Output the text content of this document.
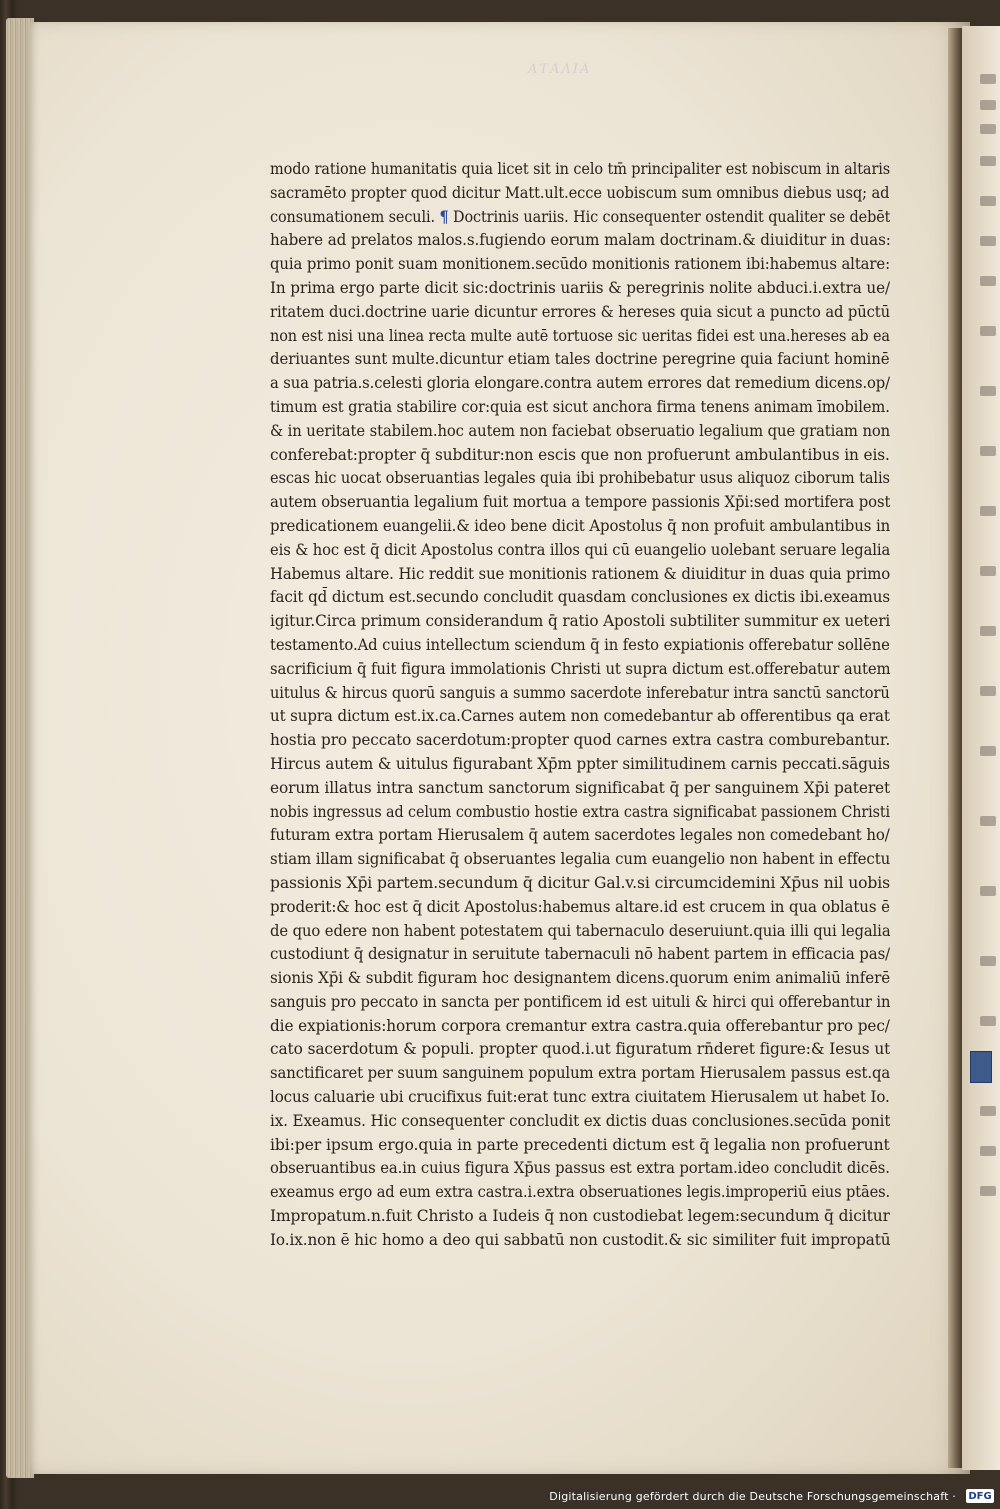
ΑΤΑΛΙΑ
modo ratione humanitatis quia licet sit in celo tm̄ principaliter est nobiscum in altaris
sacramēto propter quod dicitur Matt.ult.ecce uobiscum sum omnibus diebus usq; ad
consumationem seculi. ¶ Doctrinis uariis. Hic consequenter ostendit qualiter se debēt
habere ad prelatos malos.s.fugiendo eorum malam doctrinam.& diuiditur in duas:
quia primo ponit suam monitionem.secūdo monitionis rationem ibi:habemus altare:
In prima ergo parte dicit sic:doctrinis uariis & peregrinis nolite abduci.i.extra ue/
ritatem duci.doctrine uarie dicuntur errores & hereses quia sicut a puncto ad pūctū
non est nisi una linea recta multe autē tortuose sic ueritas fidei est una.hereses ab ea
deriuantes sunt multe.dicuntur etiam tales doctrine peregrine quia faciunt hominē
a sua patria.s.celesti gloria elongare.contra autem errores dat remedium dicens.op/
timum est gratia stabilire cor:quia est sicut anchora firma tenens animam īmobilem.
& in ueritate stabilem.hoc autem non faciebat obseruatio legalium que gratiam non
conferebat:propter q̄ subditur:non escis que non profuerunt ambulantibus in eis.
escas hic uocat obseruantias legales quia ibi prohibebatur usus aliquoz ciborum talis
autem obseruantia legalium fuit mortua a tempore passionis Xp̄i:sed mortifera post
predicationem euangelii.& ideo bene dicit Apostolus q̄ non profuit ambulantibus in
eis & hoc est q̄ dicit Apostolus contra illos qui cū euangelio uolebant seruare legalia
Habemus altare. Hic reddit sue monitionis rationem & diuiditur in duas quia primo
facit qd̄ dictum est.secundo concludit quasdam conclusiones ex dictis ibi.exeamus
igitur.Circa primum considerandum q̄ ratio Apostoli subtiliter summitur ex ueteri
testamento.Ad cuius intellectum sciendum q̄ in festo expiationis offerebatur sollēne
sacrificium q̄ fuit figura immolationis Christi ut supra dictum est.offerebatur autem
uitulus & hircus quorū sanguis a summo sacerdote inferebatur intra sanctū sanctorū
ut supra dictum est.ix.ca.Carnes autem non comedebantur ab offerentibus qa erat
hostia pro peccato sacerdotum:propter quod carnes extra castra comburebantur.
Hircus autem & uitulus figurabant Xp̄m ppter similitudinem carnis peccati.sāguis
eorum illatus intra sanctum sanctorum significabat q̄ per sanguinem Xp̄i pateret
nobis ingressus ad celum combustio hostie extra castra significabat passionem Christi
futuram extra portam Hierusalem q̄ autem sacerdotes legales non comedebant ho/
stiam illam significabat q̄ obseruantes legalia cum euangelio non habent in effectu
passionis Xp̄i partem.secundum q̄ dicitur Gal.v.si circumcidemini Xp̄us nil uobis
proderit:& hoc est q̄ dicit Apostolus:habemus altare.id est crucem in qua oblatus ē
de quo edere non habent potestatem qui tabernaculo deseruiunt.quia illi qui legalia
custodiunt q̄ designatur in seruitute tabernaculi nō habent partem in efficacia pas/
sionis Xp̄i & subdit figuram hoc designantem dicens.quorum enim animaliū inferē
sanguis pro peccato in sancta per pontificem id est uituli & hirci qui offerebantur in
die expiationis:horum corpora cremantur extra castra.quia offerebantur pro pec/
cato sacerdotum & populi. propter quod.i.ut figuratum rn̄deret figure:& Iesus ut
sanctificaret per suum sanguinem populum extra portam Hierusalem passus est.qa
locus caluarie ubi crucifixus fuit:erat tunc extra ciuitatem Hierusalem ut habet Io.
ix. Exeamus. Hic consequenter concludit ex dictis duas conclusiones.secūda ponit
ibi:per ipsum ergo.quia in parte precedenti dictum est q̄ legalia non profuerunt
obseruantibus ea.in cuius figura Xp̄us passus est extra portam.ideo concludit dicēs.
exeamus ergo ad eum extra castra.i.extra obseruationes legis.improperiū eius ptāes.
Impropatum.n.fuit Christo a Iudeis q̄ non custodiebat legem:secundum q̄ dicitur
Io.ix.non ē hic homo a deo qui sabbatū non custodit.& sic similiter fuit impropatū
Digitalisierung gefördert durch die Deutsche Forschungsgemeinschaft ·	DFG
